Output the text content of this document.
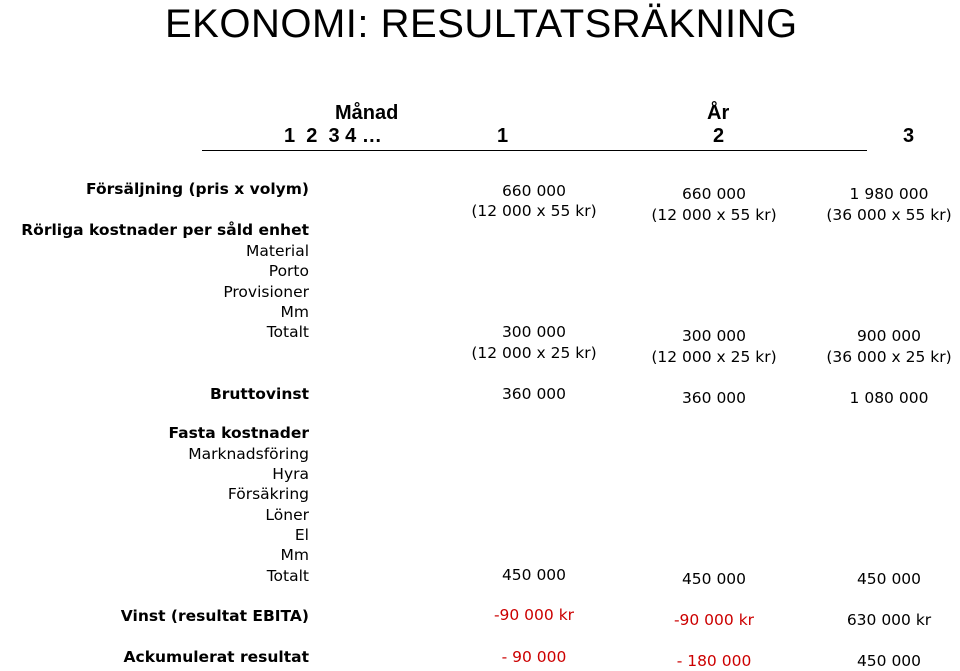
EKONOMI: RESULTATSRÄKNING
Månad
1  2  3 4 …
År
1	2	3
Försäljning (pris x volym)
Rörliga kostnader per såld enhet
Material
Porto
Provisioner
Mm
Totalt
Bruttovinst
Fasta kostnader
Marknadsföring
Hyra
Försäkring
Löner
El
Mm
Totalt
Vinst (resultat EBITA)
Ackumulerat resultat
660 000
(12 000 x 55 kr)
300 000
(12 000 x 25 kr)
360 000
450 000
-90 000 kr
- 90 000
660 000
(12 000 x 55 kr)
300 000
(12 000 x 25 kr)
360 000
450 000
-90 000 kr
- 180 000
1 980 000
(36 000 x 55 kr)
900 000
(36 000 x 25 kr)
1 080 000
450 000
630 000 kr
450 000
